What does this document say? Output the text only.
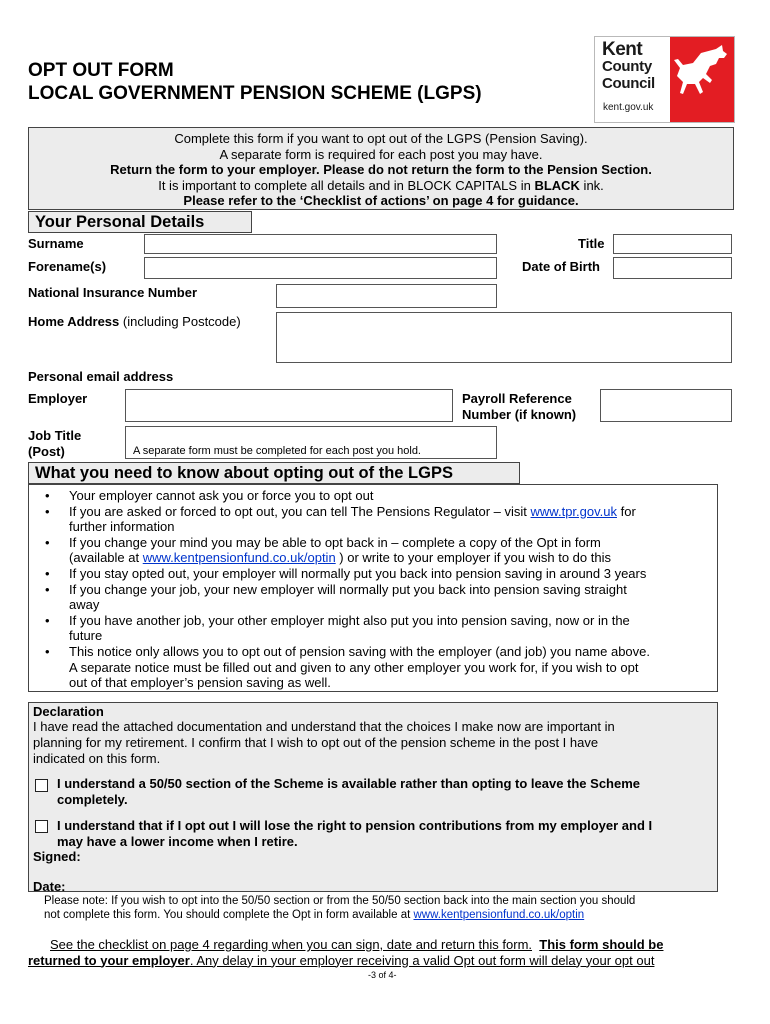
OPT OUT FORM
LOCAL GOVERNMENT PENSION SCHEME (LGPS)
Kent
County
Council
kent.gov.uk
Complete this form if you want to opt out of the LGPS (Pension Saving).
A separate form is required for each post you may have.
Return the form to your employer. Please do not return the form to the Pension Section.
It is important to complete all details and in BLOCK CAPITALS in BLACK ink.
Please refer to the ‘Checklist of actions’ on page 4 for guidance.
Your Personal Details
Surname	Title
Forename(s)	Date of Birth
National Insurance Number
Home Address (including Postcode)
Personal email address
Employer	Payroll Reference
Number (if known)
Job Title
(Post)	A separate form must be completed for each post you hold.
What you need to know about opting out of the LGPS
• Your employer cannot ask you or force you to opt out
• If you are asked or forced to opt out, you can tell The Pensions Regulator – visit www.tpr.gov.uk for
further information
• If you change your mind you may be able to opt back in – complete a copy of the Opt in form
(available at www.kentpensionfund.co.uk/optin ) or write to your employer if you wish to do this
• If you stay opted out, your employer will normally put you back into pension saving in around 3 years
• If you change your job, your new employer will normally put you back into pension saving straight
away
• If you have another job, your other employer might also put you into pension saving, now or in the
future
• This notice only allows you to opt out of pension saving with the employer (and job) you name above.
A separate notice must be filled out and given to any other employer you work for, if you wish to opt
out of that employer’s pension saving as well.
Declaration
I have read the attached documentation and understand that the choices I make now are important in
planning for my retirement. I confirm that I wish to opt out of the pension scheme in the post I have
indicated on this form.
I understand a 50/50 section of the Scheme is available rather than opting to leave the Scheme
completely.
I understand that if I opt out I will lose the right to pension contributions from my employer and I
may have a lower income when I retire.
Signed:
Date:
Please note: If you wish to opt into the 50/50 section or from the 50/50 section back into the main section you should
not complete this form. You should complete the Opt in form available at www.kentpensionfund.co.uk/optin
See the checklist on page 4 regarding when you can sign, date and return this form. This form should be
returned to your employer. Any delay in your employer receiving a valid Opt out form will delay your opt out
-3 of 4-
